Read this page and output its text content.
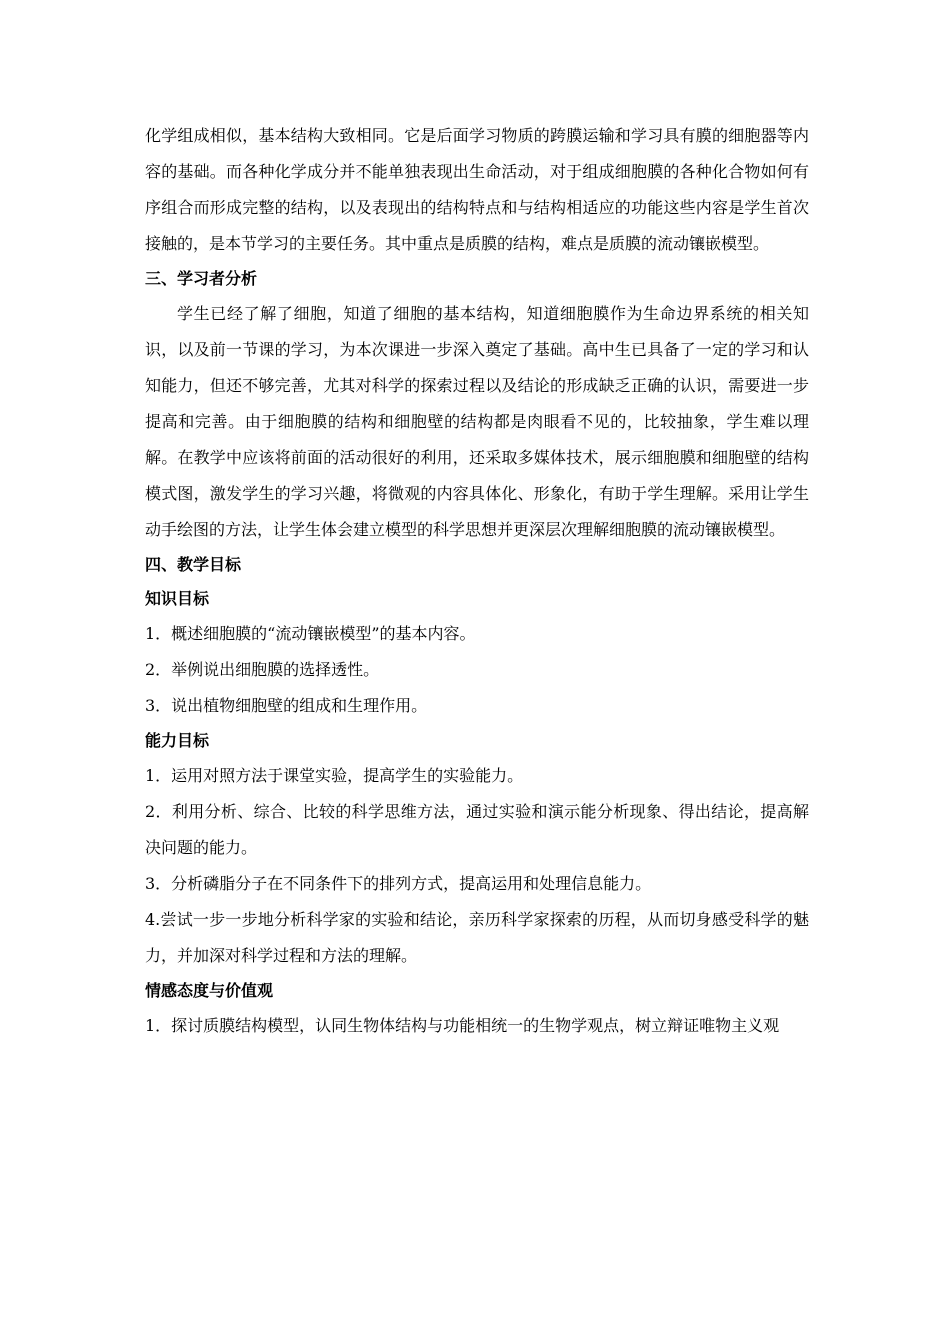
化学组成相似，基本结构大致相同。它是后面学习物质的跨膜运输和学习具有膜的细胞器等内容的基础。而各种化学成分并不能单独表现出生命活动，对于组成细胞膜的各种化合物如何有序组合而形成完整的结构，以及表现出的结构特点和与结构相适应的功能这些内容是学生首次接触的，是本节学习的主要任务。其中重点是质膜的结构，难点是质膜的流动镶嵌模型。

三、学习者分析

学生已经了解了细胞，知道了细胞的基本结构，知道细胞膜作为生命边界系统的相关知识，以及前一节课的学习，为本次课进一步深入奠定了基础。高中生已具备了一定的学习和认知能力，但还不够完善，尤其对科学的探索过程以及结论的形成缺乏正确的认识，需要进一步提高和完善。由于细胞膜的结构和细胞壁的结构都是肉眼看不见的，比较抽象，学生难以理解。在教学中应该将前面的活动很好的利用，还采取多媒体技术，展示细胞膜和细胞壁的结构模式图，激发学生的学习兴趣，将微观的内容具体化、形象化，有助于学生理解。采用让学生动手绘图的方法，让学生体会建立模型的科学思想并更深层次理解细胞膜的流动镶嵌模型。

四、教学目标

知识目标

1．概述细胞膜的“流动镶嵌模型”的基本内容。

2．举例说出细胞膜的选择透性。

3．说出植物细胞壁的组成和生理作用。

能力目标

1．运用对照方法于课堂实验，提高学生的实验能力。

2．利用分析、综合、比较的科学思维方法，通过实验和演示能分析现象、得出结论，提高解决问题的能力。

3．分析磷脂分子在不同条件下的排列方式，提高运用和处理信息能力。

4.尝试一步一步地分析科学家的实验和结论，亲历科学家探索的历程，从而切身感受科学的魅力，并加深对科学过程和方法的理解。

情感态度与价值观

1．探讨质膜结构模型，认同生物体结构与功能相统一的生物学观点，树立辩证唯物主义观
